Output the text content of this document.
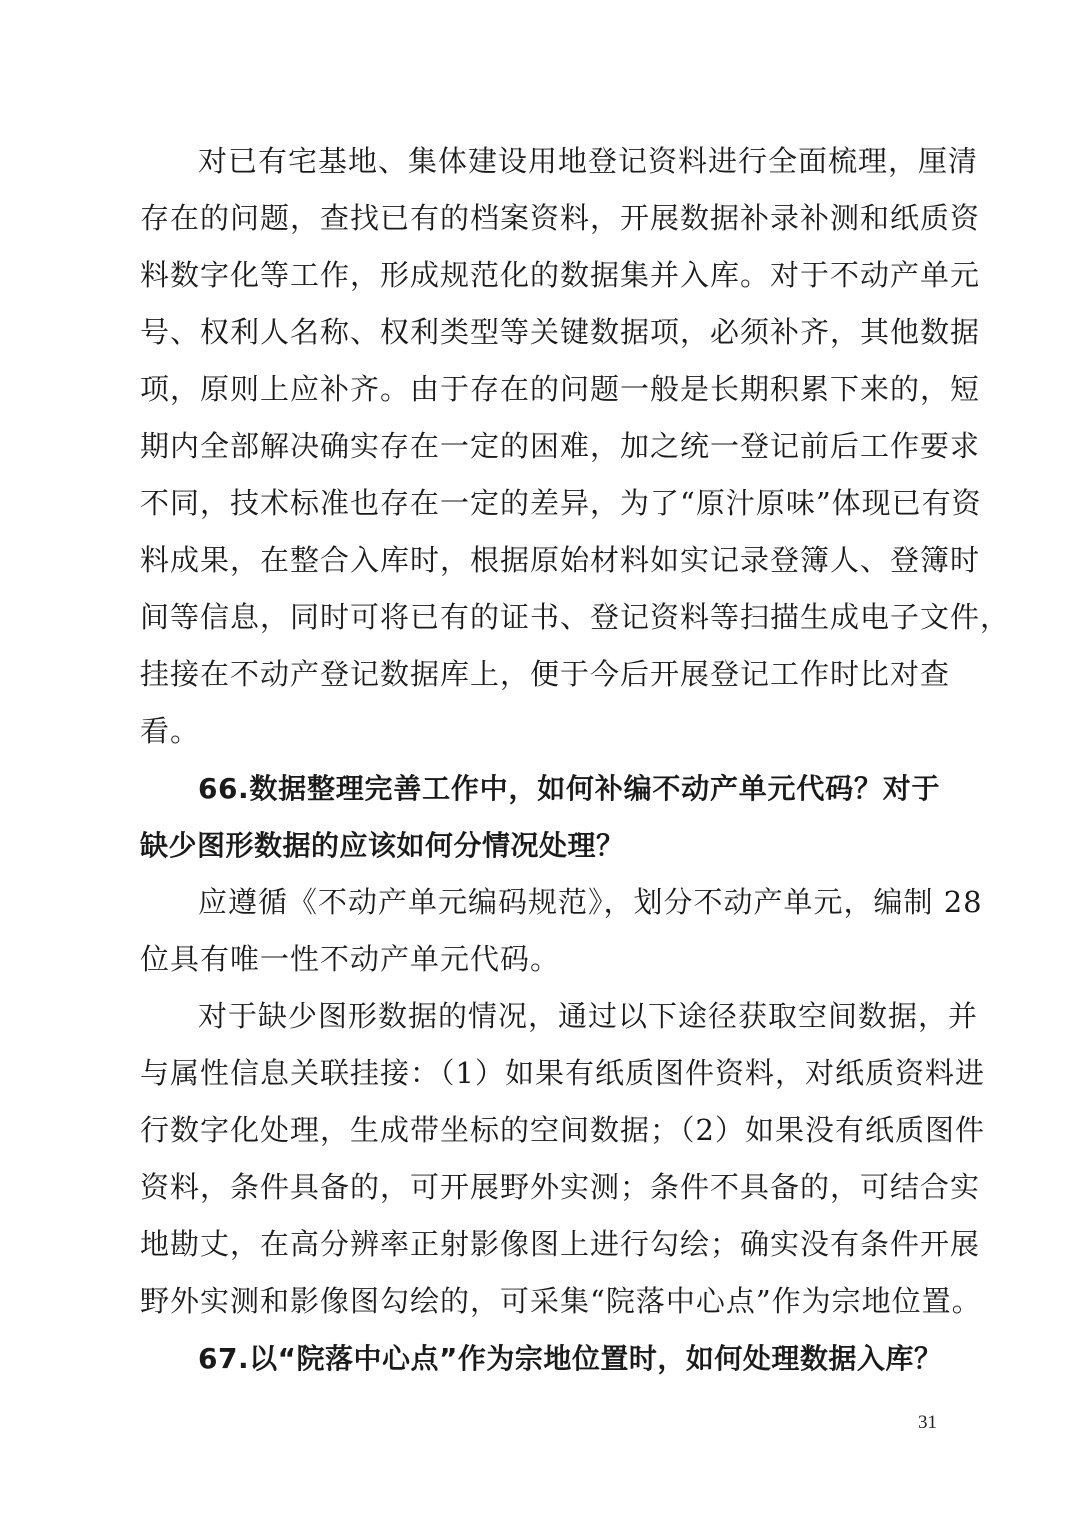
对已有宅基地、集体建设用地登记资料进行全面梳理，厘清
存在的问题，查找已有的档案资料，开展数据补录补测和纸质资
料数字化等工作，形成规范化的数据集并入库。对于不动产单元
号、权利人名称、权利类型等关键数据项，必须补齐，其他数据
项，原则上应补齐。由于存在的问题一般是长期积累下来的，短
期内全部解决确实存在一定的困难，加之统一登记前后工作要求
不同，技术标准也存在一定的差异，为了“原汁原味”体现已有资
料成果，在整合入库时，根据原始材料如实记录登簿人、登簿时
间等信息，同时可将已有的证书、登记资料等扫描生成电子文件，
挂接在不动产登记数据库上，便于今后开展登记工作时比对查
看。
66.数据整理完善工作中，如何补编不动产单元代码？对于
缺少图形数据的应该如何分情况处理？
应遵循《不动产单元编码规范》，划分不动产单元，编制 28
位具有唯一性不动产单元代码。
对于缺少图形数据的情况，通过以下途径获取空间数据，并
与属性信息关联挂接：（1）如果有纸质图件资料，对纸质资料进
行数字化处理，生成带坐标的空间数据；（2）如果没有纸质图件
资料，条件具备的，可开展野外实测；条件不具备的，可结合实
地勘丈，在高分辨率正射影像图上进行勾绘；确实没有条件开展
野外实测和影像图勾绘的，可采集“院落中心点”作为宗地位置。
67.以“院落中心点”作为宗地位置时，如何处理数据入库？
31
